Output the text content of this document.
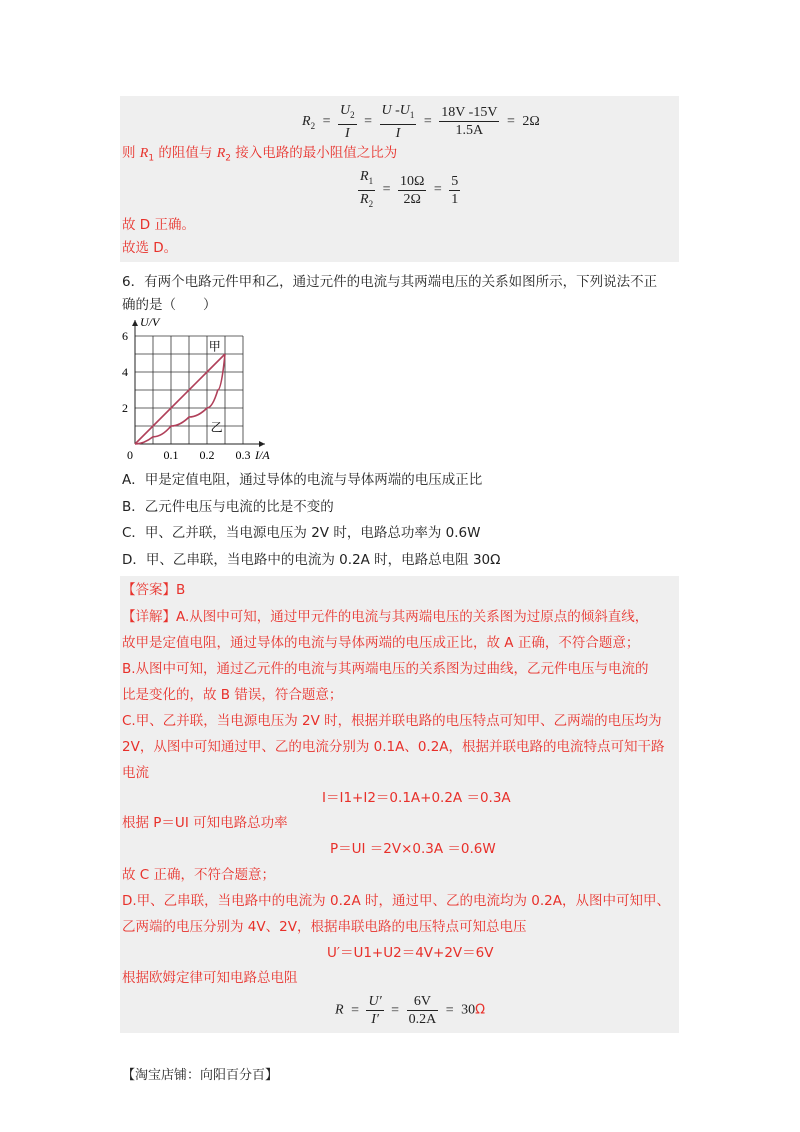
$R_2 = \frac{U_2}{I} = \frac{U -U_1}{I} = \frac{18V -15V}{1.5A} = 2\Omega$
则 $R_1$ 的阻值与 $R_2$ 接入电路的最小阻值之比为
$\frac{R_1}{R_2} = \frac{10\Omega}{2\Omega} = \frac{5}{1}$
故 D 正确。
故选 D。
6．有两个电路元件甲和乙，通过元件的电流与其两端电压的关系如图所示，下列说法不正
确的是（　　）
0	0.1 0.2 0.3
2
4
6
I/A
U/V
甲
乙
A．甲是定值电阻，通过导体的电流与导体两端的电压成正比
B．乙元件电压与电流的比是不变的
C．甲、乙并联，当电源电压为 2V 时，电路总功率为 0.6W
D．甲、乙串联，当电路中的电流为 0.2A 时，电路总电阻 30Ω
【答案】B
【详解】A.从图中可知，通过甲元件的电流与其两端电压的关系图为过原点的倾斜直线，
故甲是定值电阻，通过导体的电流与导体两端的电压成正比，故 A 正确，不符合题意；
B.从图中可知，通过乙元件的电流与其两端电压的关系图为过曲线，乙元件电压与电流的
比是变化的，故 B 错误，符合题意；
C.甲、乙并联，当电源电压为 2V 时，根据并联电路的电压特点可知甲、乙两端的电压均为
2V，从图中可知通过甲、乙的电流分别为 0.1A、0.2A，根据并联电路的电流特点可知干路
电流
I＝I1+I2＝0.1A+0.2A ＝0.3A
根据 P＝UI 可知电路总功率
P＝UI ＝2V×0.3A ＝0.6W
故 C 正确，不符合题意；
D.甲、乙串联，当电路中的电流为 0.2A 时，通过甲、乙的电流均为 0.2A，从图中可知甲、
乙两端的电压分别为 4V、2V，根据串联电路的电压特点可知总电压
U′＝U1+U2＝4V+2V＝6V
根据欧姆定律可知电路总电阻
$R = \frac{U'}{I'} = \frac{6V}{0.2A} = 30\Omega$
【淘宝店铺：向阳百分百】
